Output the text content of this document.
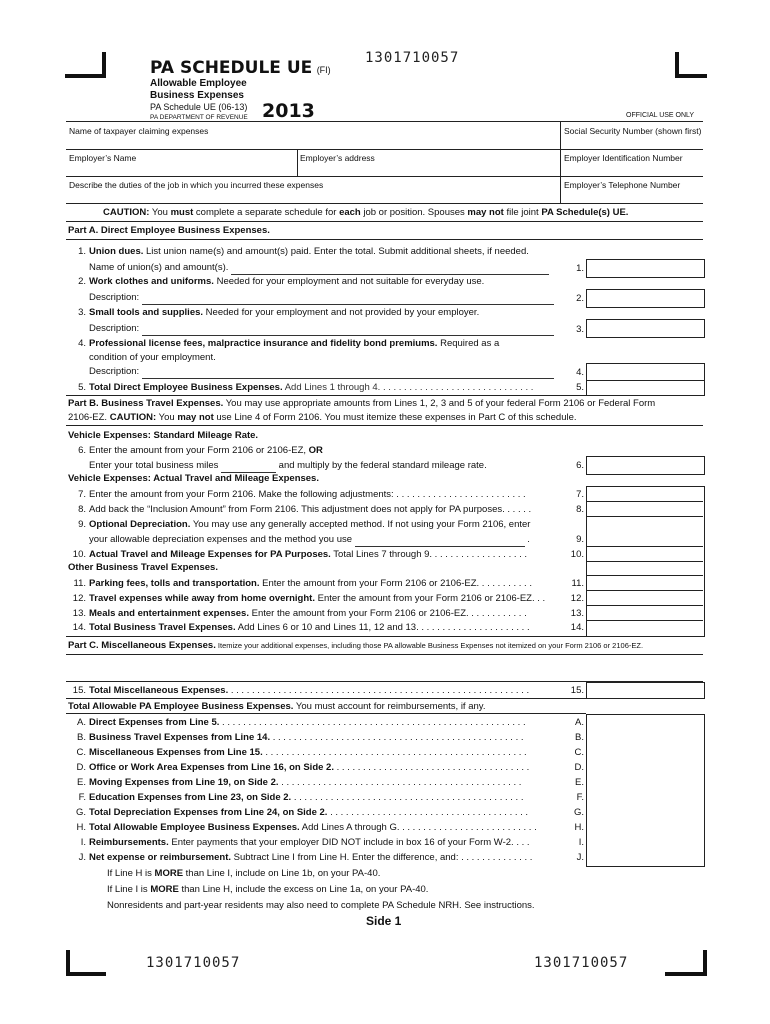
1301710057
1301710057	1301710057
PA SCHEDULE UE (FI)
Allowable Employee
Business Expenses
PA Schedule UE (06-13)
PA DEPARTMENT OF REVENUE 2013	OFFICIAL USE ONLY
Name of taxpayer claiming expenses	Social Security Number (shown first)
Employer’s Name	Employer’s address	Employer Identification Number
Describe the duties of the job in which you incurred these expenses	Employer’s Telephone Number
CAUTION: You must complete a separate schedule for each job or position. Spouses may not file joint PA Schedule(s) UE.
Part A. Direct Employee Business Expenses.
1. Union dues. List union name(s) and amount(s) paid. Enter the total. Submit additional sheets, if needed.
Name of union(s) and amount(s).	1.
2. Work clothes and uniforms. Needed for your employment and not suitable for everyday use.
Description:	2.
3. Small tools and supplies. Needed for your employment and not provided by your employer.
Description:	3.
4. Professional license fees, malpractice insurance and fidelity bond premiums. Required as a
condition of your employment.
Description:	4.
5. Total Direct Employee Business Expenses. Add Lines 1 through 4. . . . . . . . . . . . . . . . . . . . . . . . . . . . . .	5.
Part B. Business Travel Expenses. You may use appropriate amounts from Lines 1, 2, 3 and 5 of your federal Form 2106 or Federal Form
2106-EZ. CAUTION: You may not use Line 4 of Form 2106. You must itemize these expenses in Part C of this schedule.
Vehicle Expenses: Standard Mileage Rate.
6. Enter the amount from your Form 2106 or 2106-EZ, OR
Enter your total business miles	and multiply by the federal standard mileage rate.	6.
Vehicle Expenses: Actual Travel and Mileage Expenses.
7. Enter the amount from your Form 2106. Make the following adjustments: . . . . . . . . . . . . . . . . . . . . . . . . .	7.
8. Add back the “Inclusion Amount” from Form 2106. This adjustment does not apply for PA purposes. . . . . .	8.
9. Optional Depreciation. You may use any generally accepted method. If not using your Form 2106, enter
your allowable depreciation expenses and the method you use	.	9.
10. Actual Travel and Mileage Expenses for PA Purposes. Total Lines 7 through 9. . . . . . . . . . . . . . . . . . .	10.
Other Business Travel Expenses.
11. Parking fees, tolls and transportation. Enter the amount from your Form 2106 or 2106-EZ. . . . . . . . . . .	11.
12. Travel expenses while away from home overnight. Enter the amount from your Form 2106 or 2106-EZ. . .	12.
13. Meals and entertainment expenses. Enter the amount from your Form 2106 or 2106-EZ. . . . . . . . . . . .	13.
14. Total Business Travel Expenses. Add Lines 6 or 10 and Lines 11, 12 and 13. . . . . . . . . . . . . . . . . . . . . .	14.
Part C. Miscellaneous Expenses. Itemize your additional expenses, including those PA allowable Business Expenses not itemized on your Form 2106 or 2106-EZ.
15. Total Miscellaneous Expenses. . . . . . . . . . . . . . . . . . . . . . . . . . . . . . . . . . . . . . . . . . . . . . . . . . . . . . . . . .	15.
Total Allowable PA Employee Business Expenses. You must account for reimbursements, if any.
A. Direct Expenses from Line 5. . . . . . . . . . . . . . . . . . . . . . . . . . . . . . . . . . . . . . . . . . . . . . . . . . . . . . . . . . .	A.
B. Business Travel Expenses from Line 14. . . . . . . . . . . . . . . . . . . . . . . . . . . . . . . . . . . . . . . . . . . . . . . . .	B.
C. Miscellaneous Expenses from Line 15. . . . . . . . . . . . . . . . . . . . . . . . . . . . . . . . . . . . . . . . . . . . . . . . . . .	C.
D. Office or Work Area Expenses from Line 16, on Side 2. . . . . . . . . . . . . . . . . . . . . . . . . . . . . . . . . . . . . .	D.
E. Moving Expenses from Line 19, on Side 2. . . . . . . . . . . . . . . . . . . . . . . . . . . . . . . . . . . . . . . . . . . . . . .	E.
F. Education Expenses from Line 23, on Side 2. . . . . . . . . . . . . . . . . . . . . . . . . . . . . . . . . . . . . . . . . . . . .	F.
G. Total Depreciation Expenses from Line 24, on Side 2. . . . . . . . . . . . . . . . . . . . . . . . . . . . . . . . . . . . . . .	G.
H. Total Allowable Employee Business Expenses. Add Lines A through G. . . . . . . . . . . . . . . . . . . . . . . . . . .	H.
I. Reimbursements. Enter payments that your employer DID NOT include in box 16 of your Form W-2. . . .	I.
J. Net expense or reimbursement. Subtract Line I from Line H. Enter the difference, and: . . . . . . . . . . . . . .	J.
If Line H is MORE than Line I, include on Line 1b, on your PA-40.
If Line I is MORE than Line H, include the excess on Line 1a, on your PA-40.
Nonresidents and part-year residents may also need to complete PA Schedule NRH. See instructions.
Side 1
